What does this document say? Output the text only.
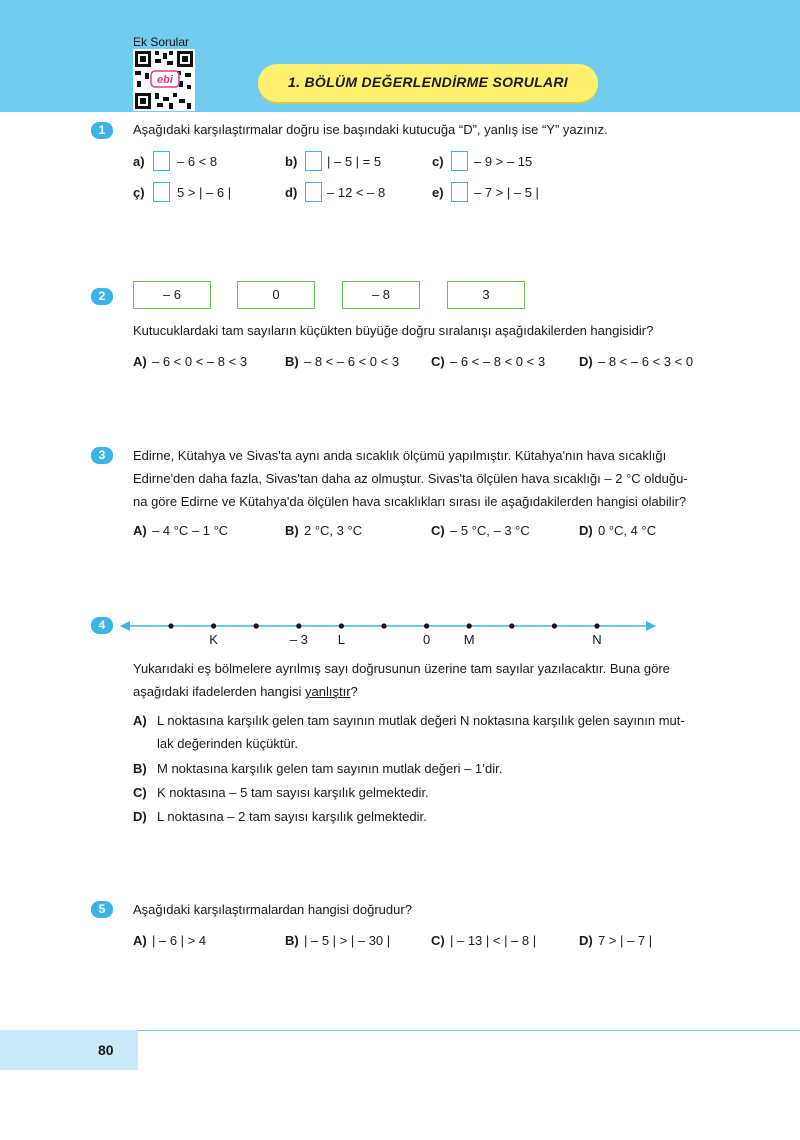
Ek Sorular
ebi	1. BÖLÜM DEĞERLENDİRME SORULARI
1	Aşağıdaki karşılaştırmalar doğru ise başındaki kutucuğa “D”, yanlış ise “Y” yazınız.
a) – 6 < 8	b) | – 5 | = 5	c) – 9 > – 15
ç) 5 > | – 6 |	d) – 12 < – 8	e) – 7 > | – 5 |
2	– 6	0	– 8	3
Kutucuklardaki tam sayıların küçükten büyüğe doğru sıralanışı aşağıdakilerden hangisidir?
A) – 6 < 0 < – 8 < 3	B) – 8 < – 6 < 0 < 3 C) – 6 < – 8 < 0 < 3	D) – 8 < – 6 < 3 < 0
3	Edirne, Kütahya ve Sivas'ta aynı anda sıcaklık ölçümü yapılmıştır. Kütahya'nın hava sıcaklığı
Edirne'den daha fazla, Sivas'tan daha az olmuştur. Sivas'ta ölçülen hava sıcaklığı – 2 °C olduğu-
na göre Edirne ve Kütahya'da ölçülen hava sıcaklıkları sırası ile aşağıdakilerden hangisi olabilir?
A) – 4 °C – 1 °C	B) 2 °C, 3 °C	C) – 5 °C, – 3 °C	D) 0 °C, 4 °C
4
K	– 3	L	0	M	N
Yukarıdaki eş bölmelere ayrılmış sayı doğrusunun üzerine tam sayılar yazılacaktır. Buna göre
aşağıdaki ifadelerden hangisi yanlıştır?
A) L noktasına karşılık gelen tam sayının mutlak değeri N noktasına karşılık gelen sayının mut-
lak değerinden küçüktür.
B) M noktasına karşılık gelen tam sayının mutlak değeri – 1’dir.
C) K noktasına – 5 tam sayısı karşılık gelmektedir.
D) L noktasına – 2 tam sayısı karşılık gelmektedir.
5	Aşağıdaki karşılaştırmalardan hangisi doğrudur?
A) | – 6 | > 4	B) | – 5 | > | – 30 |	C) | – 13 | < | – 8 |	D) 7 > | – 7 |
80
